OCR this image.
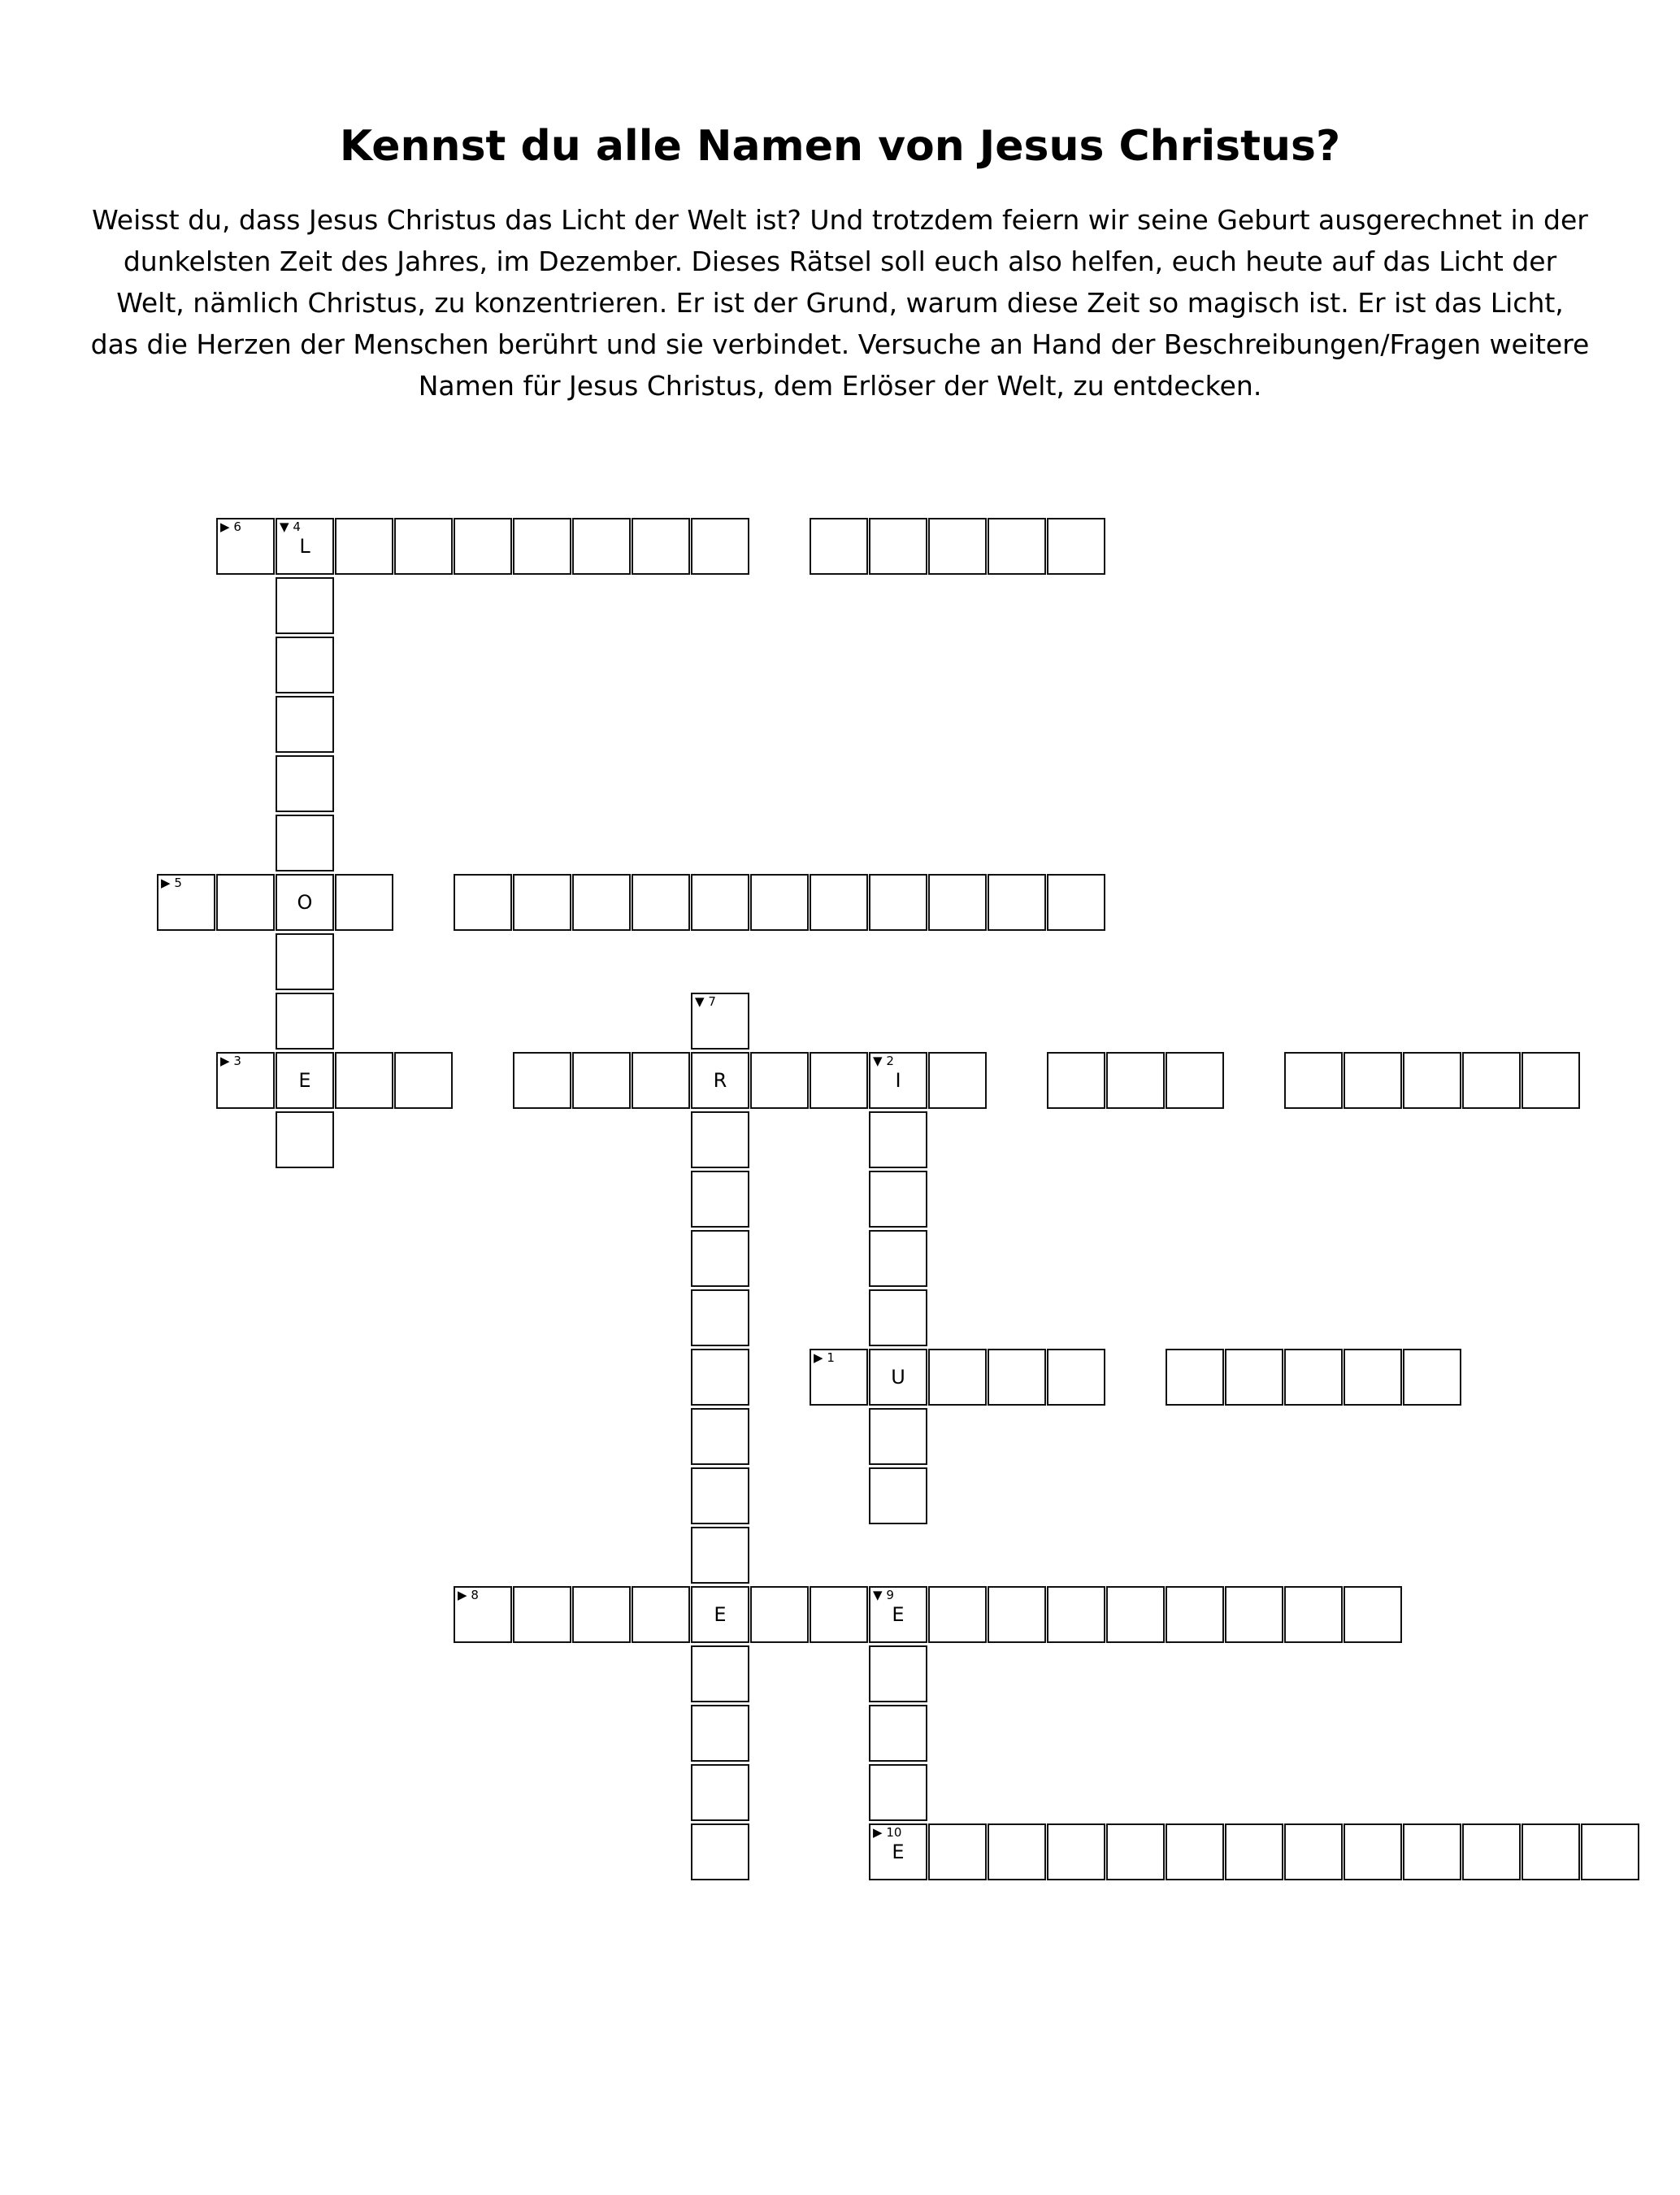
Kennst du alle Namen von Jesus Christus?

Weisst du, dass Jesus Christus das Licht der Welt ist? Und trotzdem feiern wir seine Geburt ausgerechnet in der dunkelsten Zeit des Jahres, im Dezember. Dieses Rätsel soll euch also helfen, euch heute auf das Licht der Welt, nämlich Christus, zu konzentrieren. Er ist der Grund, warum diese Zeit so magisch ist. Er ist das Licht, das die Herzen der Menschen berührt und sie verbindet. Versuche an Hand der Beschreibungen/Fragen weitere Namen für Jesus Christus, dem Erlöser der Welt, zu entdecken.

▶ 1
U
▼ 2
I
▶ 3
E	R
▼ 4
L
O
▶ 5
▶ 6
▼ 7
E
▶ 8
E
▼ 9
▶ 10
E
